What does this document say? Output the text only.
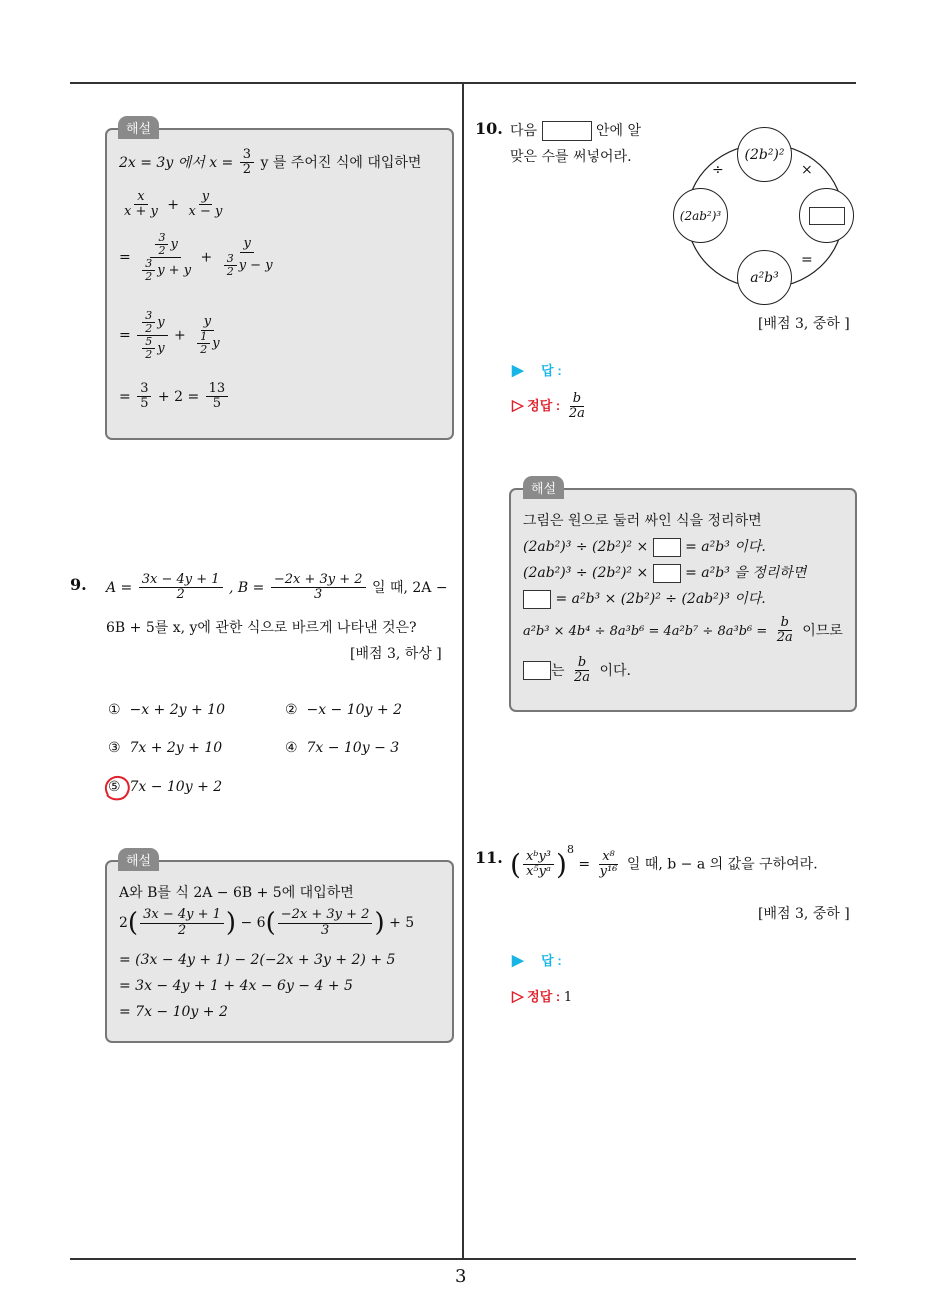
3
2x = 3y 에서 $x = \frac{3}{2}$ y 를 주어진 식에 대입하면
$\frac{x}{x + y} + \frac{y}{x - y}$
= $\frac{\frac{3}{2} y}{\frac{3}{2} y + y} + \frac{y}{\frac{3}{2} y - y}$
= $\frac{\frac{3}{2} y}{\frac{5}{2} y} + \frac{y}{\frac{1}{2} y}$
= $\frac{3}{5} + 2 = \frac{13}{5}$
해설
9. $A = \frac{3x - 4y + 1}{2}$ , $B = \frac{-2x + 3y + 2}{3}$ 일 때, 2A −
6B + 5를 x, y에 관한 식으로 바르게 나타낸 것은?
[배점 3, 하상 ]
① −x + 2y + 10	② −x − 10y + 2
③ 7x + 2y + 10	④ 7x − 10y − 3
⑤ 7x − 10y + 2
A와 B를 식 2A − 6B + 5에 대입하면
$2( \frac{3x - 4y + 1}{2}$ ) − $6( \frac{-2x + 3y + 2}{3}$ ) + 5
= (3x − 4y + 1) − 2(−2x + 3y + 2) + 5
= 3x − 4y + 1 + 4x − 6y − 4 + 5
= 7x − 10y + 2
해설
10. 다음	안에 알
맞은 수를 써넣어라.	(2b²)²
(2ab²)³
a²b³
÷	×
=
[배점 3, 중하 ]
▶ 답 :
▷ 정답 : $\frac{b}{2a}$
그림은 원으로 둘러 싸인 식을 정리하면
(2ab²)³ ÷ (2b²)² ×	= a²b³ 이다.
(2ab²)³ ÷ (2b²)² ×	= a²b³ 을 정리하면
= a²b³ × (2b²)² ÷ (2ab²)³ 이다.
$a^2b^3 \times 4b^4 \div 8a^3b^6 = 4a^2b^7 \div 8a^3b^6 = \frac{b}{2a}$ 이므로
는 $\frac{b}{2a}$ 이다.
해설
11. ( $\frac{\text{xᵇy³}}{\text{x⁵yᵃ}} )^8 = \frac{\text{x⁸}}{\text{y¹⁶}}$ 일 때, b − a 의 값을 구하여라.
[배점 3, 중하 ]
▶ 답 :
▷ 정답 : 1
